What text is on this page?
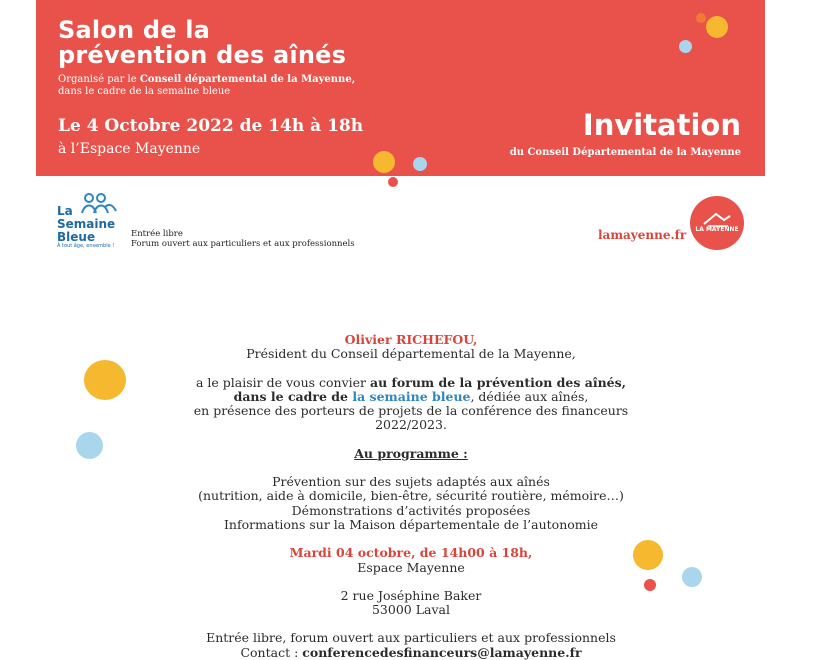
Salon de la
prévention des aînés
Organisé par le Conseil départemental de la Mayenne,
dans le cadre de la semaine bleue
Le 4 Octobre 2022 de 14h à 18h
à l’Espace Mayenne
Invitation
du Conseil Départemental de la Mayenne
La
Semaine
Bleue
À tout âge, ensemble !
Entrée libre
Forum ouvert aux particuliers et aux professionnels
lamayenne.fr	LA MAYENNE
Olivier RICHEFOU,
Président du Conseil départemental de la Mayenne,
a le plaisir de vous convier au forum de la prévention des aînés,
dans le cadre de la semaine bleue, dédiée aux aînés,
en présence des porteurs de projets de la conférence des financeurs 2022/2023.
Au programme :
Prévention sur des sujets adaptés aux aînés
(nutrition, aide à domicile, bien-être, sécurité routière, mémoire…)
Démonstrations d’activités proposées
Informations sur la Maison départementale de l’autonomie
Mardi 04 octobre, de 14h00 à 18h,
Espace Mayenne
2 rue Joséphine Baker
53000 Laval
Entrée libre, forum ouvert aux particuliers et aux professionnels
Contact : conferencedesfinanceurs@lamayenne.fr
